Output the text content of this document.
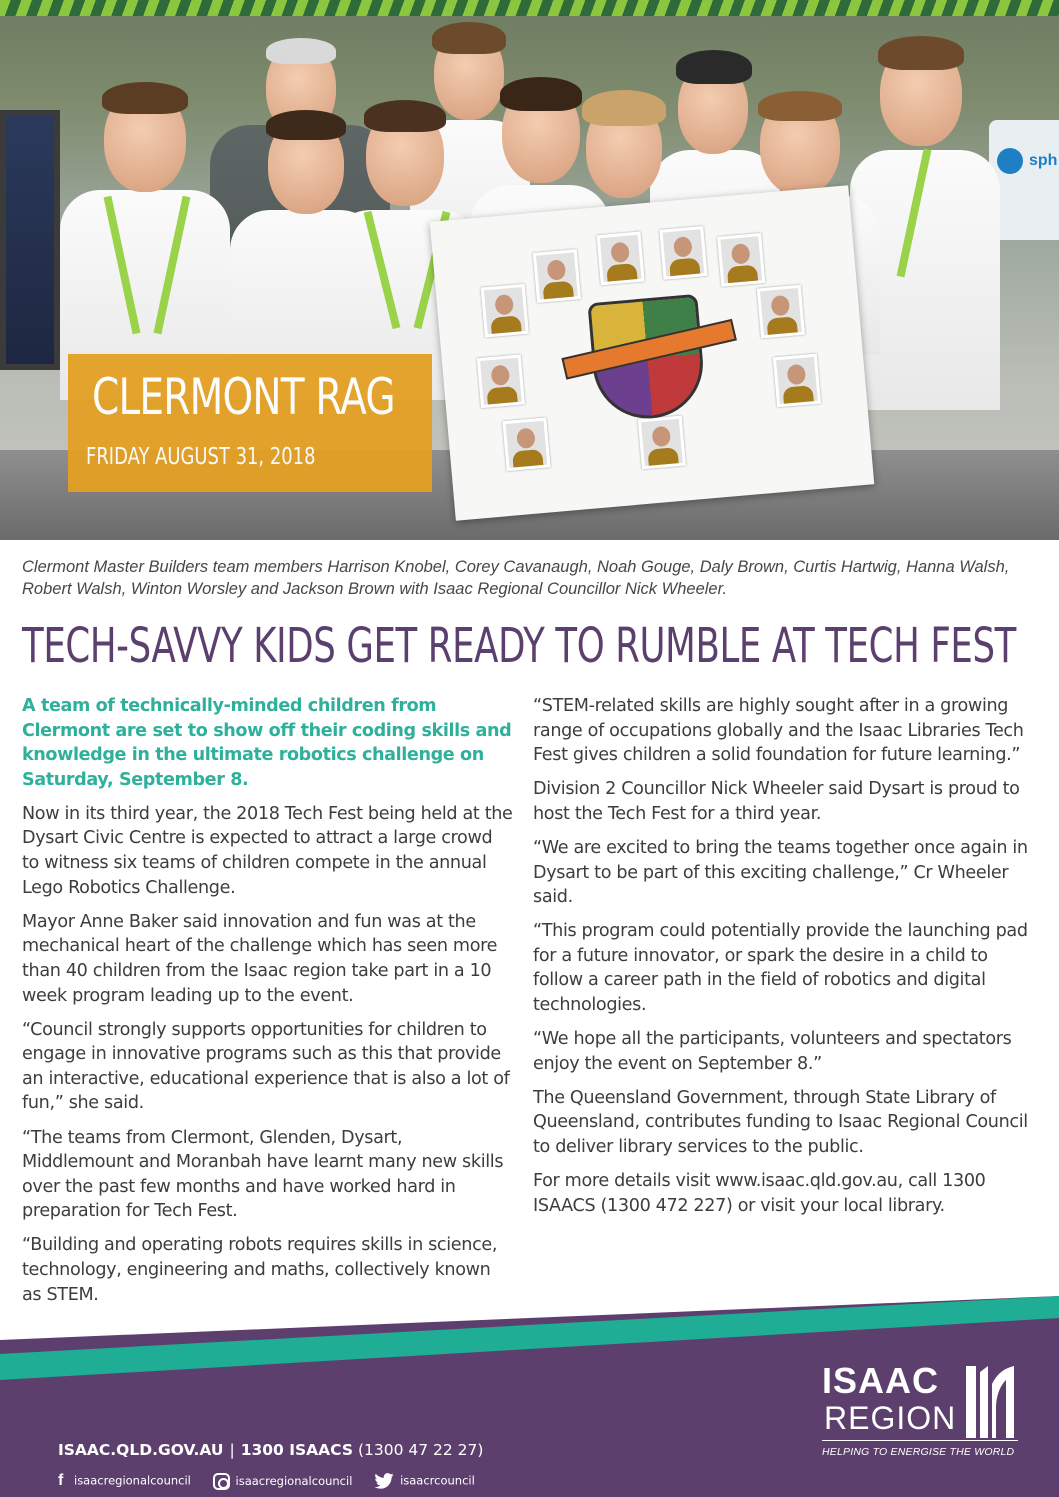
sph
CLERMONT RAG
FRIDAY AUGUST 31, 2018
Clermont Master Builders team members Harrison Knobel, Corey Cavanaugh, Noah Gouge, Daly Brown, Curtis Hartwig, Hanna Walsh, Robert Walsh, Winton Worsley and Jackson Brown with Isaac Regional Councillor Nick Wheeler.
TECH-SAVVY KIDS GET READY TO RUMBLE AT TECH FEST

A team of technically-minded children from Clermont are set to show off their coding skills and knowledge in the ultimate robotics challenge on Saturday, September 8.

Now in its third year, the 2018 Tech Fest being held at the Dysart Civic Centre is expected to attract a large crowd to witness six teams of children compete in the annual Lego Robotics Challenge.

Mayor Anne Baker said innovation and fun was at the mechanical heart of the challenge which has seen more than 40 children from the Isaac region take part in a 10 week program leading up to the event.

“Council strongly supports opportunities for children to engage in innovative programs such as this that provide an interactive, educational experience that is also a lot of fun,” she said.

“The teams from Clermont, Glenden, Dysart, Middlemount and Moranbah have learnt many new skills over the past few months and have worked hard in preparation for Tech Fest.

“Building and operating robots requires skills in science, technology, engineering and maths, collectively known as STEM.

“STEM-related skills are highly sought after in a growing range of occupations globally and the Isaac Libraries Tech Fest gives children a solid foundation for future learning.”

Division 2 Councillor Nick Wheeler said Dysart is proud to host the Tech Fest for a third year.

“We are excited to bring the teams together once again in Dysart to be part of this exciting challenge,” Cr Wheeler said.

“This program could potentially provide the launching pad for a future innovator, or spark the desire in a child to follow a career path in the field of robotics and digital technologies.

“We hope all the participants, volunteers and spectators enjoy the event on September 8.”

The Queensland Government, through State Library of Queensland, contributes funding to Isaac Regional Council to deliver library services to the public.

For more details visit www.isaac.qld.gov.au, call 1300 ISAACS (1300 472 227) or visit your local library.

ISAAC.QLD.GOV.AU | 1300 ISAACS (1300 47 22 27)
f isaacregionalcouncil	isaacregionalcouncil	isaacrcouncil
ISAAC
REGION
HELPING TO ENERGISE THE WORLD
